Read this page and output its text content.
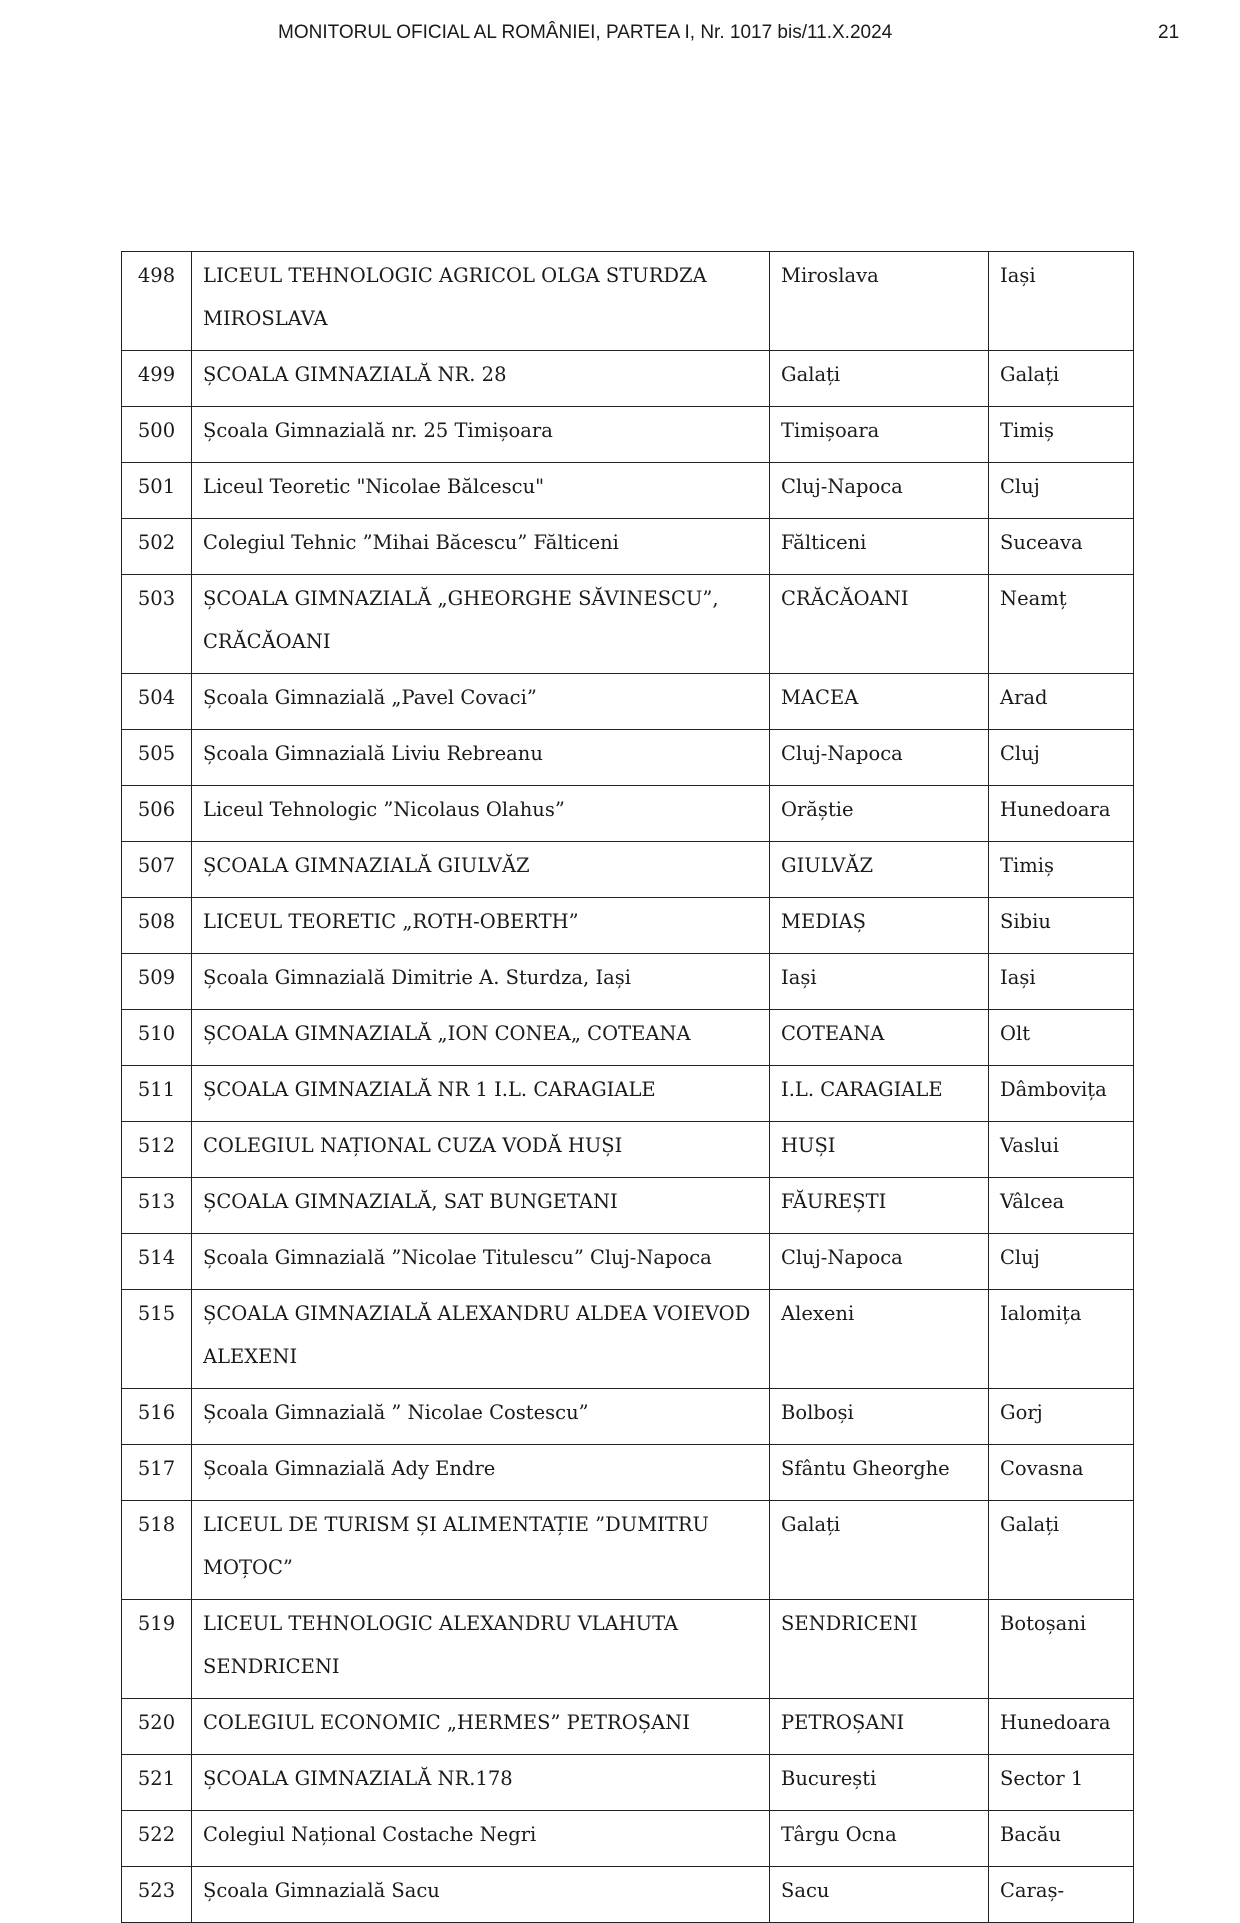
MONITORUL OFICIAL AL ROMÂNIEI, PARTEA I, Nr. 1017 bis/11.X.2024	21
498	LICEUL TEHNOLOGIC AGRICOL OLGA STURDZA MIROSLAVA	Miroslava	Iași
499	ȘCOALA GIMNAZIALĂ NR. 28	Galați	Galați
500	Școala Gimnazială nr. 25 Timișoara	Timișoara	Timiș
501	Liceul Teoretic "Nicolae Bălcescu"	Cluj-Napoca	Cluj
502	Colegiul Tehnic ”Mihai Băcescu” Fălticeni	Fălticeni	Suceava
503	ȘCOALA GIMNAZIALĂ „GHEORGHE SĂVINESCU”, CRĂCĂOANI	CRĂCĂOANI	Neamț
504	Școala Gimnazială „Pavel Covaci”	MACEA	Arad
505	Școala Gimnazială Liviu Rebreanu	Cluj-Napoca	Cluj
506	Liceul Tehnologic ”Nicolaus Olahus”	Orăștie	Hunedoara
507	ȘCOALA GIMNAZIALĂ GIULVĂZ	GIULVĂZ	Timiș
508	LICEUL TEORETIC „ROTH-OBERTH”	MEDIAȘ	Sibiu
509	Școala Gimnazială Dimitrie A. Sturdza, Iași	Iași	Iași
510	ȘCOALA GIMNAZIALĂ „ION CONEA„ COTEANA	COTEANA	Olt
511	ȘCOALA GIMNAZIALĂ NR 1 I.L. CARAGIALE	I.L. CARAGIALE	Dâmbovița
512	COLEGIUL NAȚIONAL CUZA VODĂ HUȘI	HUȘI	Vaslui
513	ȘCOALA GIMNAZIALĂ, SAT BUNGETANI	FĂUREȘTI	Vâlcea
514	Școala Gimnazială ”Nicolae Titulescu” Cluj-Napoca	Cluj-Napoca	Cluj
515	ȘCOALA GIMNAZIALĂ ALEXANDRU ALDEA VOIEVOD ALEXENI	Alexeni	Ialomița
516	Școala Gimnazială ” Nicolae Costescu”	Bolboși	Gorj
517	Școala Gimnazială Ady Endre	Sfântu Gheorghe	Covasna
518	LICEUL DE TURISM ȘI ALIMENTAȚIE ”DUMITRU MOȚOC”	Galați	Galați
519	LICEUL TEHNOLOGIC ALEXANDRU VLAHUTA SENDRICENI	SENDRICENI	Botoșani
520	COLEGIUL ECONOMIC „HERMES” PETROȘANI	PETROȘANI	Hunedoara
521	ȘCOALA GIMNAZIALĂ NR.178	București	Sector 1
522	Colegiul Național Costache Negri	Târgu Ocna	Bacău
523	Școala Gimnazială Sacu	Sacu	Caraș-
